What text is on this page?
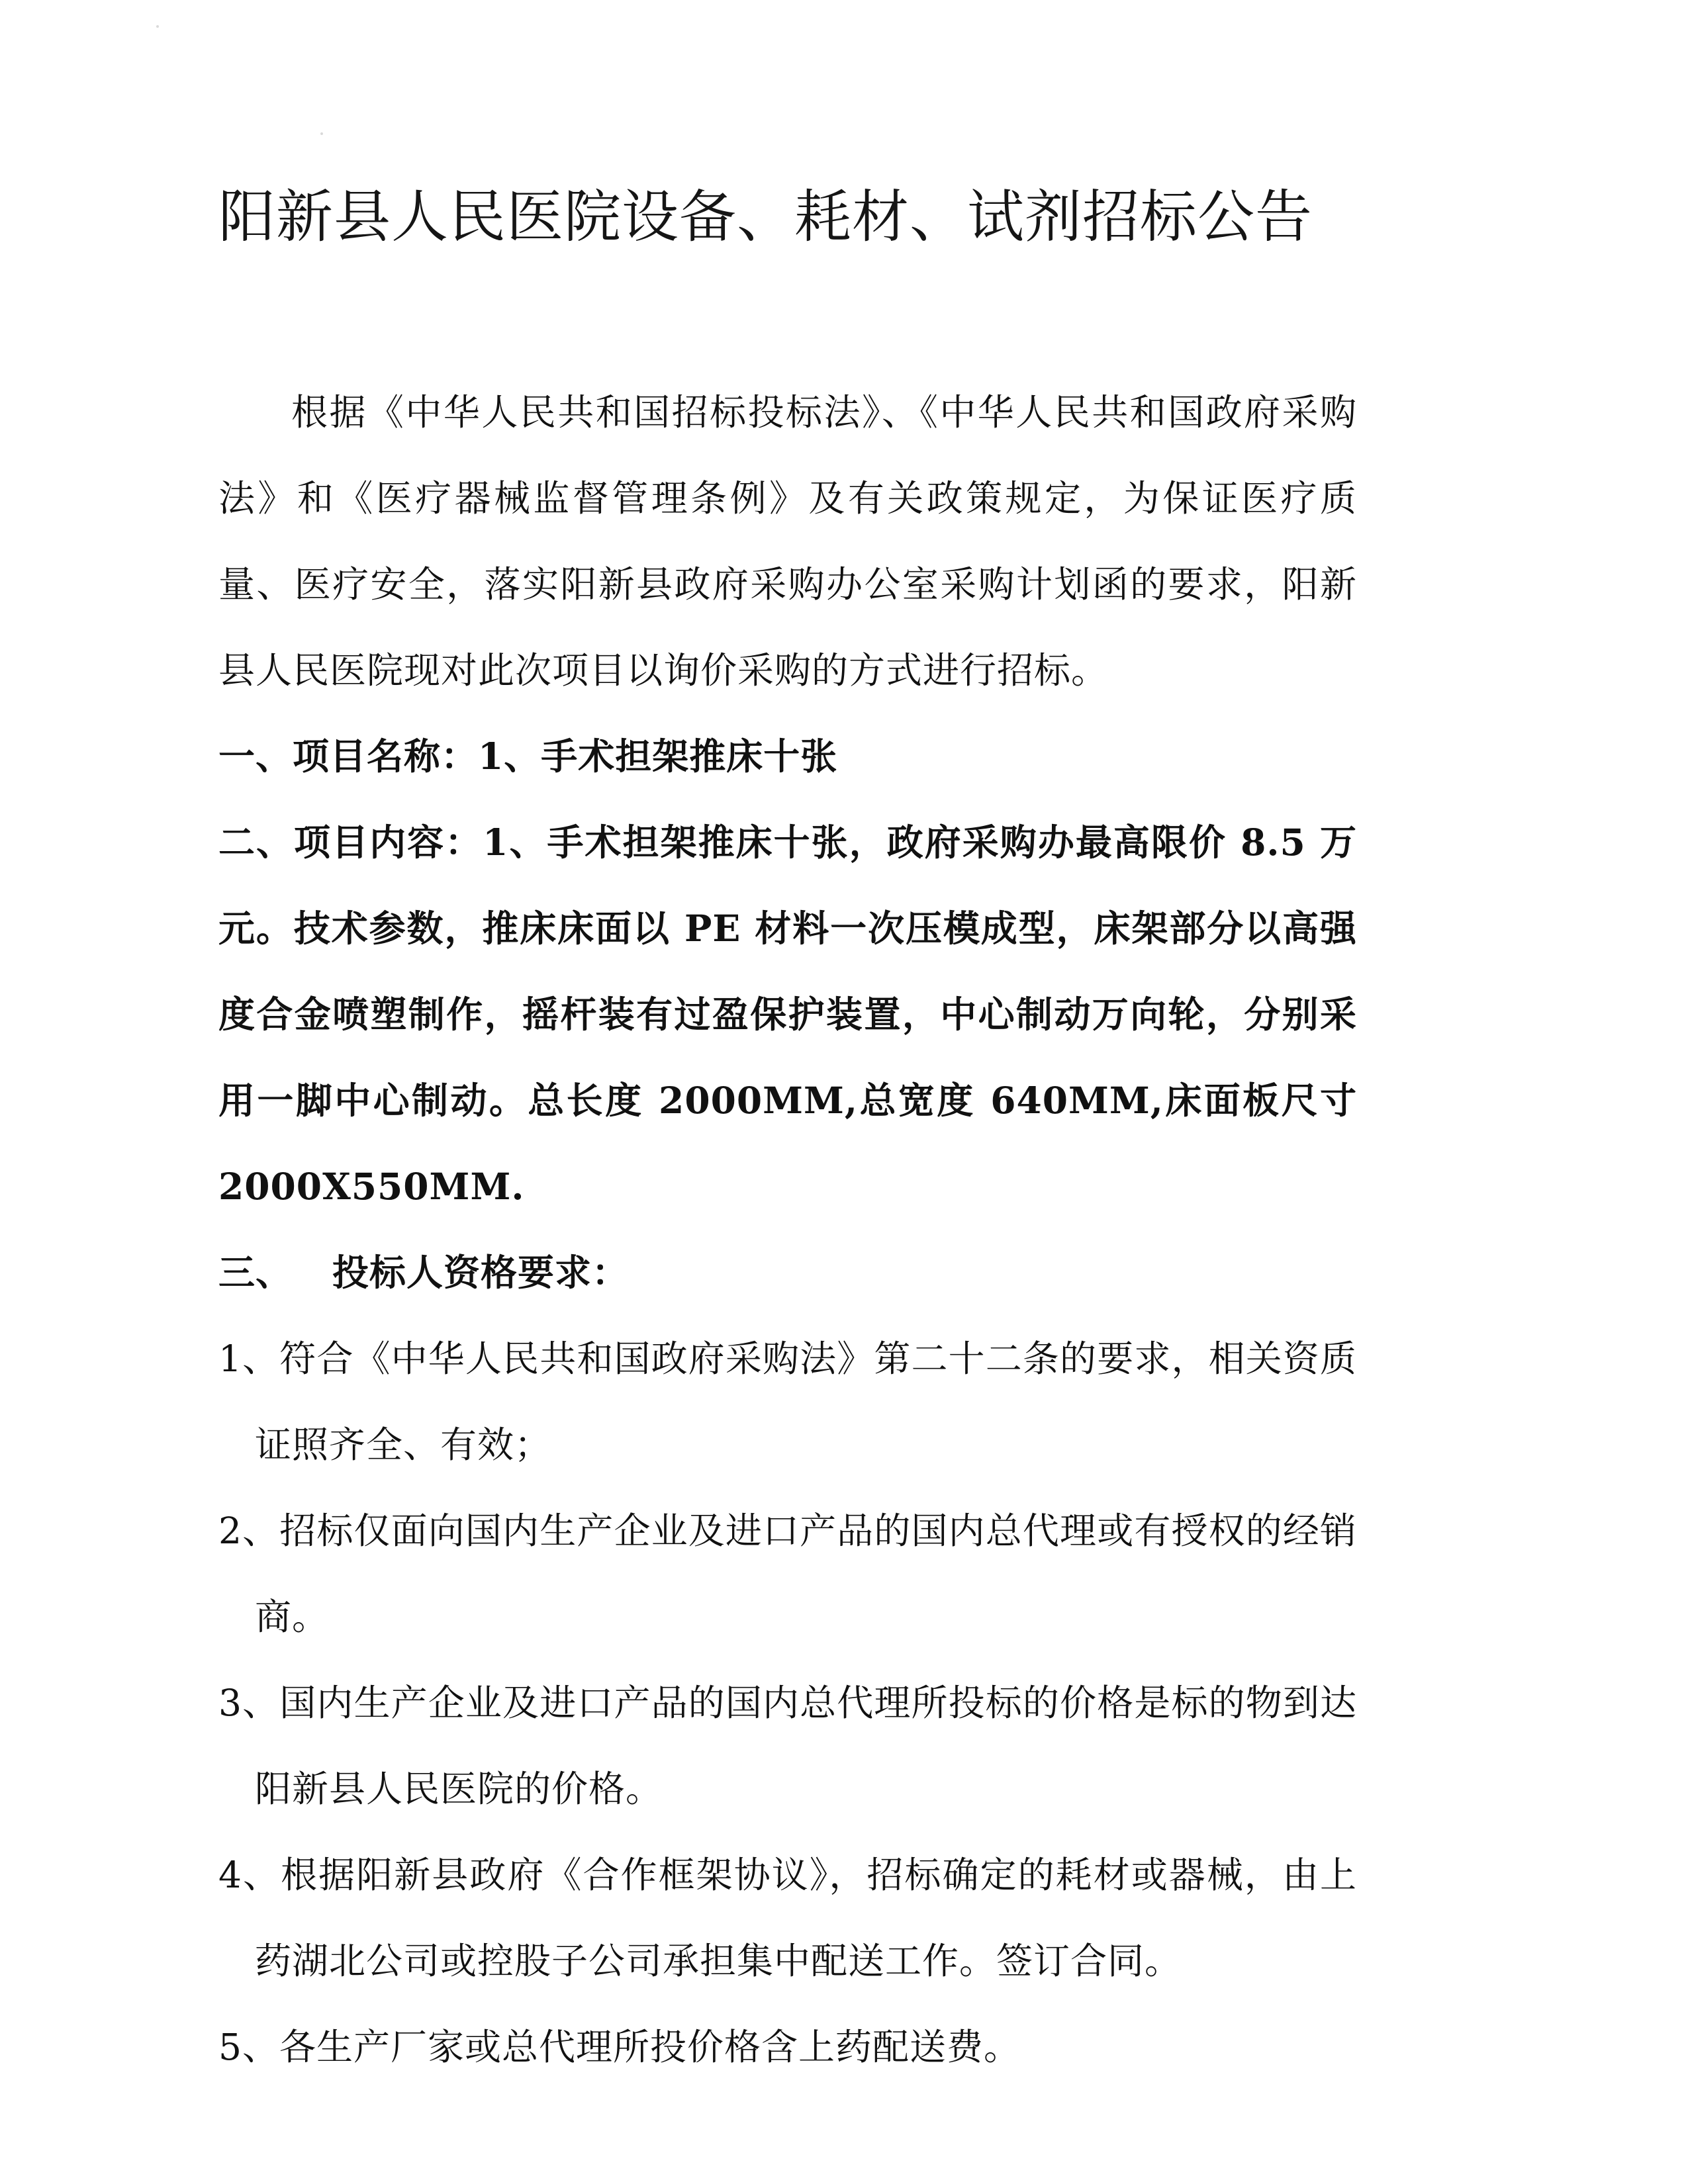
阳新县人民医院设备、耗材、试剂招标公告

根据《中华人民共和国招标投标法》、《中华人民共和国政府采购法》和《医疗器械监督管理条例》及有关政策规定，为保证医疗质量、医疗安全，落实阳新县政府采购办公室采购计划函的要求，阳新县人民医院现对此次项目以询价采购的方式进行招标。

一、项目名称：1、手术担架推床十张

二、项目内容：1、手术担架推床十张，政府采购办最高限价 8.5 万元。技术参数，推床床面以 PE 材料一次压模成型，床架部分以高强度合金喷塑制作，摇杆装有过盈保护装置，中心制动万向轮，分别采用一脚中心制动。总长度 2000MM,总宽度 640MM,床面板尺寸2000X550MM.

三、 投标人资格要求：

1、符合《中华人民共和国政府采购法》第二十二条的要求，相关资质证照齐全、有效；

2、招标仅面向国内生产企业及进口产品的国内总代理或有授权的经销商。

3、国内生产企业及进口产品的国内总代理所投标的价格是标的物到达阳新县人民医院的价格。

4、根据阳新县政府《合作框架协议》，招标确定的耗材或器械，由上药湖北公司或控股子公司承担集中配送工作。签订合同。

5、各生产厂家或总代理所投价格含上药配送费。
